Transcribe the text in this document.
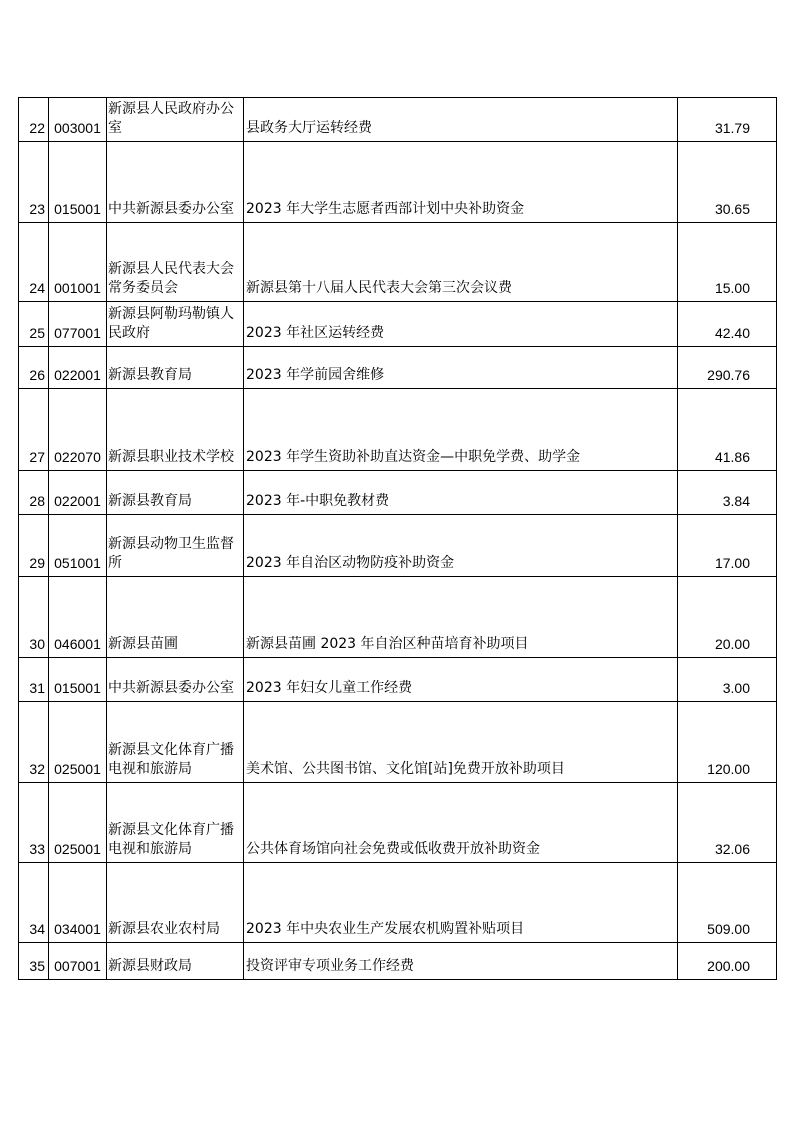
22	003001	新源县人民政府办公室	县政务大厅运转经费	31.79
23	015001	中共新源县委办公室	2023 年大学生志愿者西部计划中央补助资金	30.65
24	001001	新源县人民代表大会常务委员会	新源县第十八届人民代表大会第三次会议费	15.00
25	077001	新源县阿勒玛勒镇人民政府	2023 年社区运转经费	42.40
26	022001	新源县教育局	2023 年学前园舍维修	290.76
27	022070	新源县职业技术学校	2023 年学生资助补助直达资金—中职免学费、助学金	41.86
28	022001	新源县教育局	2023 年-中职免教材费	3.84
29	051001	新源县动物卫生监督所	2023 年自治区动物防疫补助资金	17.00
30	046001	新源县苗圃	新源县苗圃 2023 年自治区种苗培育补助项目	20.00
31	015001	中共新源县委办公室	2023 年妇女儿童工作经费	3.00
32	025001	新源县文化体育广播电视和旅游局	美术馆、公共图书馆、文化馆[站]免费开放补助项目	120.00
33	025001	新源县文化体育广播电视和旅游局	公共体育场馆向社会免费或低收费开放补助资金	32.06
34	034001	新源县农业农村局	2023 年中央农业生产发展农机购置补贴项目	509.00
35	007001	新源县财政局	投资评审专项业务工作经费	200.00
